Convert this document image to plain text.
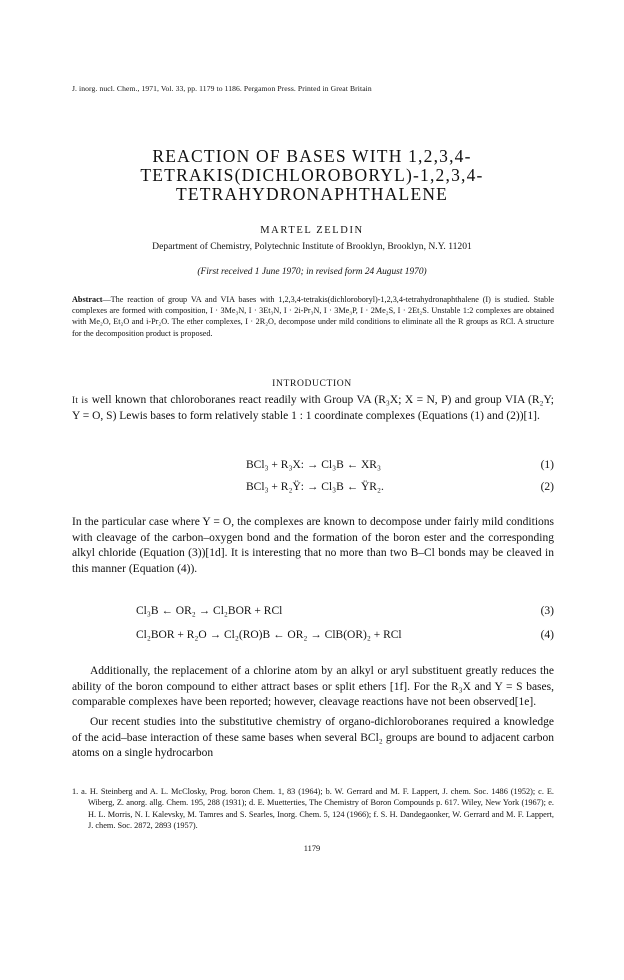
J. inorg. nucl. Chem., 1971, Vol. 33, pp. 1179 to 1186. Pergamon Press. Printed in Great Britain
REACTION OF BASES WITH 1,2,3,4-
TETRAKIS(DICHLOROBORYL)-1,2,3,4-
TETRAHYDRONAPHTHALENE
MARTEL ZELDIN
Department of Chemistry, Polytechnic Institute of Brooklyn, Brooklyn, N.Y. 11201
(First received 1 June 1970; in revised form 24 August 1970)
Abstract—The reaction of group VA and VIA bases with 1,2,3,4-tetrakis(dichloroboryl)-1,2,3,4-tetrahydronaphthalene (I) is studied. Stable complexes are formed with composition, I · 3Me₃N, I · 3Et₃N, I · 2i-Pr₃N, I · 3Me₃P, I · 2Me₂S, I · 2Et₂S. Unstable 1:2 complexes are obtained with Me₂O, Et₂O and i-Pr₂O. The ether complexes, I · 2R₂O, decompose under mild conditions to eliminate all the R groups as RCl. A structure for the decomposition product is proposed.
INTRODUCTION

It is well known that chloroboranes react readily with Group VA (R₃X; X = N, P) and group VIA (R₂Y; Y = O, S) Lewis bases to form relatively stable 1 : 1 coordinate complexes (Equations (1) and (2))[1].

BCl₃ + R₃X: → Cl₃B ← XR₃	(1)
BCl₃ + R₂Ÿ: → Cl₃B ← ŸR₂.	(2)

In the particular case where Y = O, the complexes are known to decompose under fairly mild conditions with cleavage of the carbon–oxygen bond and the formation of the boron ester and the corresponding alkyl chloride (Equation (3))[1d]. It is interesting that no more than two B–Cl bonds may be cleaved in this manner (Equation (4)).

Cl₃B ← OR₂ → Cl₂BOR + RCl	(3)
Cl₂BOR + R₂O → Cl₂(RO)B ← OR₂ → ClB(OR)₂ + RCl	(4)

Additionally, the replacement of a chlorine atom by an alkyl or aryl substituent greatly reduces the ability of the boron compound to either attract bases or split ethers [1f]. For the R₃X and Y = S bases, comparable complexes have been reported; however, cleavage reactions have not been observed[1e].

Our recent studies into the substitutive chemistry of organo-dichloroboranes required a knowledge of the acid–base interaction of these same bases when several BCl₂ groups are bound to adjacent carbon atoms on a single hydrocarbon

1. a. H. Steinberg and A. L. McClosky, Prog. boron Chem. 1, 83 (1964); b. W. Gerrard and M. F. Lappert, J. chem. Soc. 1486 (1952); c. E. Wiberg, Z. anorg. allg. Chem. 195, 288 (1931); d. E. Muetterties, The Chemistry of Boron Compounds p. 617. Wiley, New York (1967); e. H. L. Morris, N. I. Kalevsky, M. Tamres and S. Searles, Inorg. Chem. 5, 124 (1966); f. S. H. Dandegaonker, W. Gerrard and M. F. Lappert, J. chem. Soc. 2872, 2893 (1957).
1179
